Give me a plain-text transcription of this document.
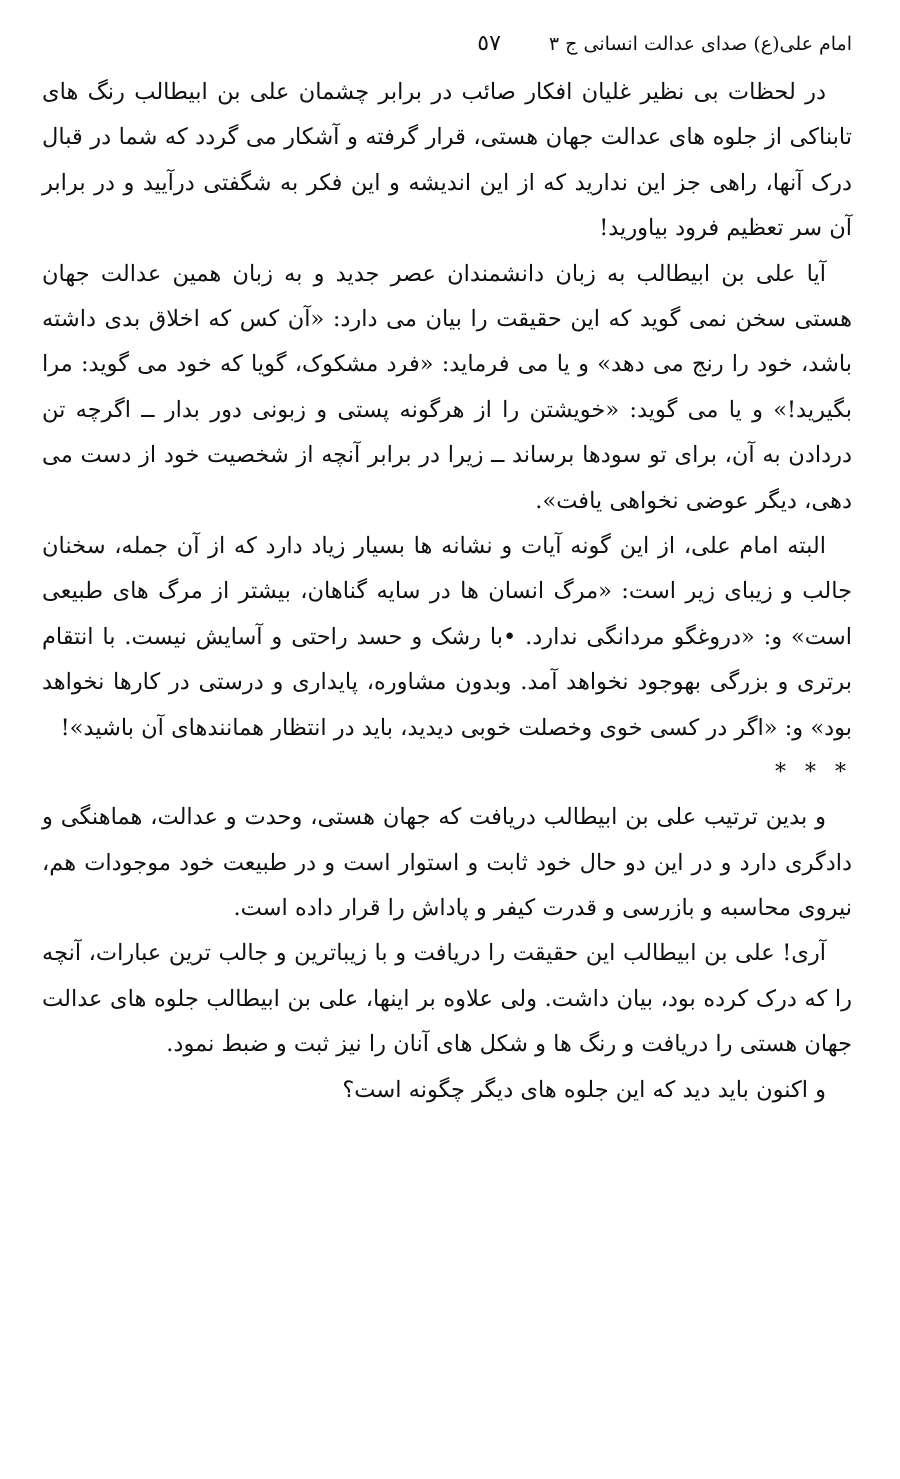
امام علی(ع) صدای عدالت انسانی ج ٣
٥٧

در لحظات بی نظیر غلیان افکار صائب در برابر چشمان علی بن ابیطالب رنگ های تابناکی از جلوه های عدالت جهان هستی، قرار گرفته و آشکار می گردد که شما در قبال درک آنها، راهی جز این ندارید که از این اندیشه و این فکر به شگفتی درآیید و در برابر آن سر تعظیم فرود بیاورید!

آیا علی بن ابیطالب به زبان دانشمندان عصر جدید و به زبان همین عدالت جهان هستی سخن نمی گوید که این حقیقت را بیان می دارد: «آن کس که اخلاق بدی داشته باشد، خود را رنج می دهد» و یا می فرماید: «فرد مشکوک، گویا که خود می گوید: مرا بگیرید!» و یا می گوید: «خویشتن را از هرگونه پستی و زبونی دور بدار ــ اگرچه تن دردادن به آن، برای تو سودها برساند ــ زیرا در برابر آنچه از شخصیت خود از دست می دهی، دیگر عوضی نخواهی یافت».

البته امام علی، از این گونه آیات و نشانه ها بسیار زیاد دارد که از آن جمله، سخنان جالب و زیبای زیر است: «مرگ انسان ها در سایه گناهان، بیشتر از مرگ های طبیعی است» و: «دروغگو مردانگی ندارد. •با رشک و حسد راحتی و آسایش نیست. با انتقام برتری و بزرگی بهوجود نخواهد آمد. وبدون مشاوره، پایداری و درستی در کارها نخواهد بود» و: «اگر در کسی خوی وخصلت خوبی دیدید، باید در انتظار همانندهای آن باشید»!

* * *

و بدین ترتیب علی بن ابیطالب دریافت که جهان هستی، وحدت و عدالت، هماهنگی و دادگری دارد و در این دو حال خود ثابت و استوار است و در طبیعت خود موجودات هم، نیروی محاسبه و بازرسی و قدرت کیفر و پاداش را قرار داده است.

آری! علی بن ابیطالب این حقیقت را دریافت و با زیباترین و جالب ترین عبارات، آنچه را که درک کرده بود، بیان داشت. ولی علاوه بر اینها، علی بن ابیطالب جلوه های عدالت جهان هستی را دریافت و رنگ ها و شکل های آنان را نیز ثبت و ضبط نمود.

و اکنون باید دید که این جلوه های دیگر چگونه است؟
